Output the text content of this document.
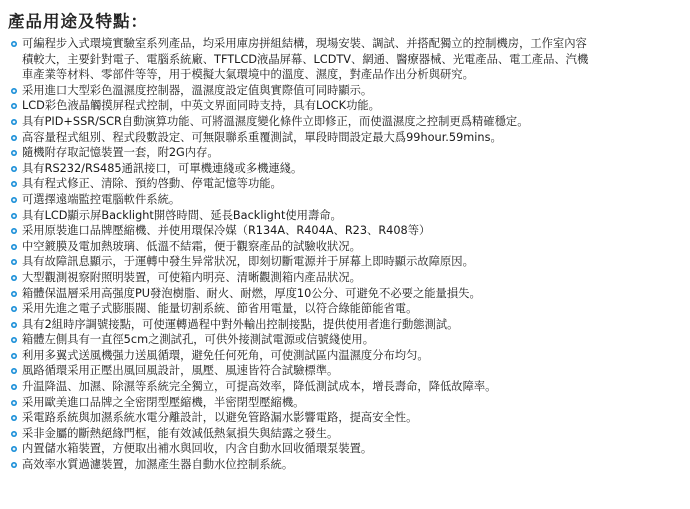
產品用途及特點：
可編程步入式環境實驗室系列產品，均采用庫房拼組結構，現場安裝、調試、并搭配獨立的控制機房，工作室內容
積較大，主要針對電子、電腦系統廠、TFTLCD液晶屏幕、LCDTV、網通、醫療器械、光電產品、電工產品、汽機
車產業等材料、零部件等等，用于模擬大氣環境中的溫度、濕度，對產品作出分析與研究。
采用進口大型彩色溫濕度控制器，溫濕度設定值與實際值可同時顯示。
LCD彩色液晶觸摸屏程式控制，中英文界面同時支持，具有LOCK功能。
具有PID+SSR/SCR自動演算功能、可將溫濕度變化條件立即修正，而使溫濕度之控制更爲精確穩定。
高容量程式組別、程式段數設定、可無限聯系重覆測試，單段時間設定最大爲99hour.59mins。
隨機附存取記憶裝置一套，附2G内存。
具有RS232/RS485通訊接口，可單機連綫或多機連綫。
具有程式修正、清除、預約啓動、停電記憶等功能。
可選擇遠端監控電腦軟件系統。
具有LCD顯示屏Backlight開啓時間、延長Backlight使用壽命。
采用原裝進口品牌壓縮機、并使用環保冷媒（R134A、R404A、R23、R408等）
中空鍍膜及電加熱玻璃、低溫不結霜，便于觀察產品的試驗收狀况。
具有故障訊息顯示，于運轉中發生异常狀况，即刻切斷電源并于屏幕上即時顯示故障原因。
大型觀測視察附照明裝置，可使箱内明亮、清晰觀測箱内產品狀况。
箱體保温層采用高强度PU發泡樹脂、耐火、耐燃，厚度10公分、可避免不必要之能量損失。
采用先進之電子式膨脹閥、能量切割系統、節省用電量，以符合綠能節能省電。
具有2組時序調號接點，可使運轉過程中對外輸出控制接點，提供使用者進行動態測試。
箱體左側具有一直徑5cm之測試孔，可供外接測試電源或信號綫使用。
利用多翼式送風機强力送風循環，避免任何死角，可使測試區内温濕度分布均匀。
風路循環采用正壓出風回風設計，風壓、風速皆符合試驗標準。
升温降温、加濕、除濕等系統完全獨立，可提高效率，降低測試成本，增長壽命，降低故障率。
采用歐美進口品牌之全密閉型壓縮機，半密閉型壓縮機。
采電路系統與加濕系統水電分離設計，以避免管路漏水影響電路，提高安全性。
采非金屬的斷熱絕緣門框，能有效減低熱氣損失與結露之發生。
内置儲水箱裝置，方便取出補水與回收，内含自動水回收循環泵裝置。
高效率水質過濾裝置，加濕產生器自動水位控制系統。
